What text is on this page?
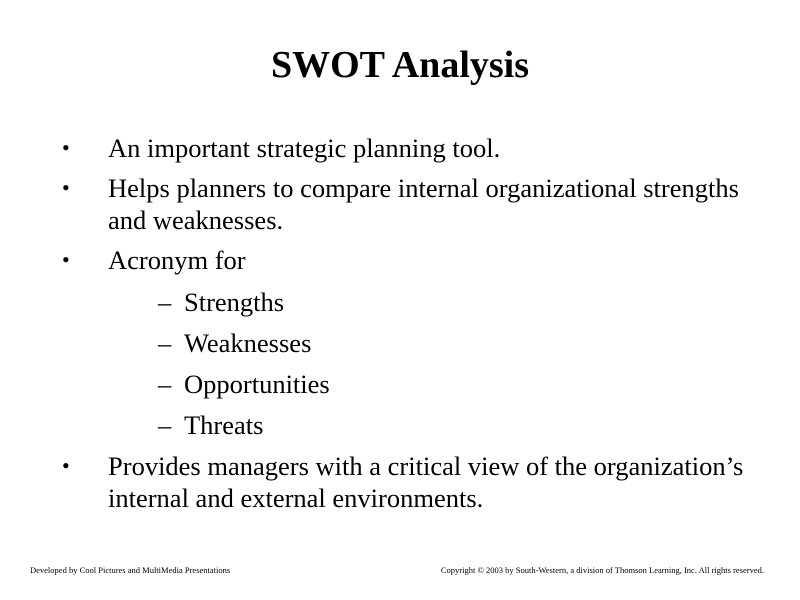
SWOT Analysis
•	An important strategic planning tool.
•	Helps planners to compare internal organizational strengths and weaknesses.
•	Acronym for
– Strengths
– Weaknesses
– Opportunities
– Threats
•	Provides managers with a critical view of the organization’s internal and external environments.
Developed by Cool Pictures and MultiMedia Presentations	Copyright © 2003 by South-Western, a division of Thomson Learning, Inc. All rights reserved.
